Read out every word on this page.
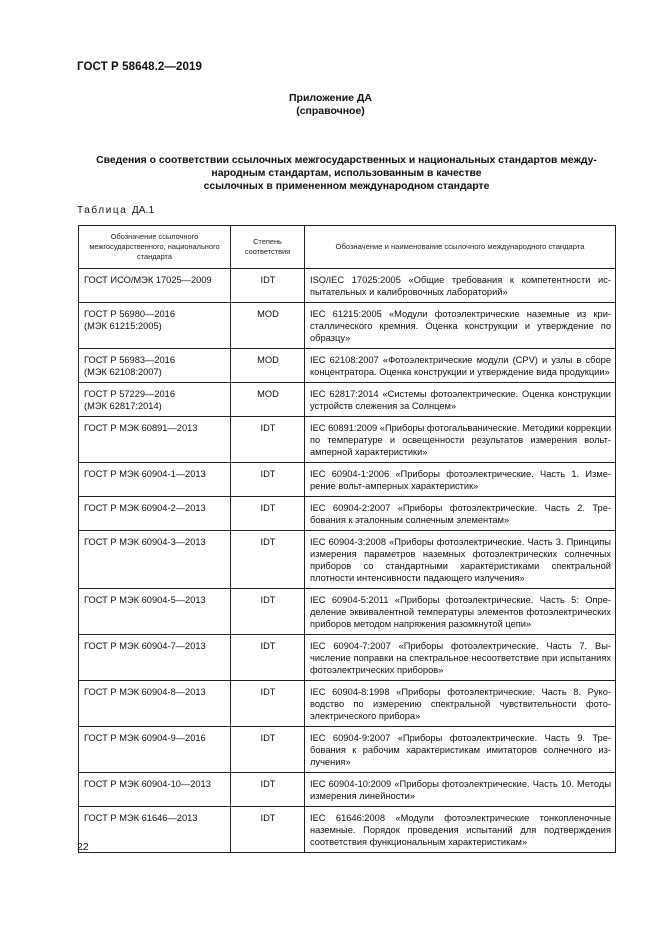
ГОСТ Р 58648.2—2019
Приложение ДА
(справочное)
Сведения о соответствии ссылочных межгосударственных и национальных стандартов между-
народным стандартам, использованным в качестве
ссылочных в примененном международном стандарте
Таблица ДА.1
Обозначение ссылочного межгосударственного, национального стандарта	Степень соответствия	Обозначение и наименование ссылочного международного стандарта
ГОСТ ИСО/МЭК 17025—2009	IDT	ISO/IEC 17025:2005 «Общие требования к компетентности испытательных и калибровочных лабораторий»
ГОСТ Р 56980—2016
(МЭК 61215:2005)	MOD	IEC 61215:2005 «Модули фотоэлектрические наземные из кристаллического кремния. Оценка конструкции и утверждение по образцу»
ГОСТ Р 56983—2016
(МЭК 62108:2007)	MOD	IEC 62108:2007 «Фотоэлектрические модули (CPV) и узлы в сборе концентратора. Оценка конструкции и утверждение вида продукции»
ГОСТ Р 57229—2016
(МЭК 62817:2014)	MOD	IEC 62817:2014 «Системы фотоэлектрические. Оценка конструкции устройств слежения за Солнцем»
ГОСТ Р МЭК 60891—2013	IDT	IEC 60891:2009 «Приборы фотогальванические. Методики коррекции по температуре и освещенности результатов измерения вольт-амперной характеристики»
ГОСТ Р МЭК 60904-1—2013	IDT	IEC 60904-1:2006 «Приборы фотоэлектрические. Часть 1. Измерение вольт-амперных характеристик»
ГОСТ Р МЭК 60904-2—2013	IDT	IEC 60904-2:2007 «Приборы фотоэлектрические. Часть 2. Требования к эталонным солнечным элементам»
ГОСТ Р МЭК 60904-3—2013	IDT	IEC 60904-3:2008 «Приборы фотоэлектрические. Часть 3. Принципы измерения параметров наземных фотоэлектрических солнечных приборов со стандартными характеристиками спектральной плотности интенсивности падающего излучения»
ГОСТ Р МЭК 60904-5—2013	IDT	IEC 60904-5:2011 «Приборы фотоэлектрические. Часть 5: Определение эквивалентной температуры элементов фотоэлектрических приборов методом напряжения разомкнутой цепи»
ГОСТ Р МЭК 60904-7—2013	IDT	IEC 60904-7:2007 «Приборы фотоэлектрические. Часть 7. Вычисление поправки на спектральное несоответствие при испытаниях фотоэлектрических приборов»
ГОСТ Р МЭК 60904-8—2013	IDT	IEC 60904-8:1998 «Приборы фотоэлектрические. Часть 8. Руководство по измерению спектральной чувствительности фотоэлектрического прибора»
ГОСТ Р МЭК 60904-9—2016	IDT	IEC 60904-9:2007 «Приборы фотоэлектрические. Часть 9. Требования к рабочим характеристикам имитаторов солнечного излучения»
ГОСТ Р МЭК 60904-10—2013	IDT	IEC 60904-10:2009 «Приборы фотоэлектрические. Часть 10. Методы измерения линейности»
ГОСТ Р МЭК 61646—2013	IDT	IEC 61646:2008 «Модули фотоэлектрические тонкопленочные наземные. Порядок проведения испытаний для подтверждения соответствия функциональным характеристикам»
22
